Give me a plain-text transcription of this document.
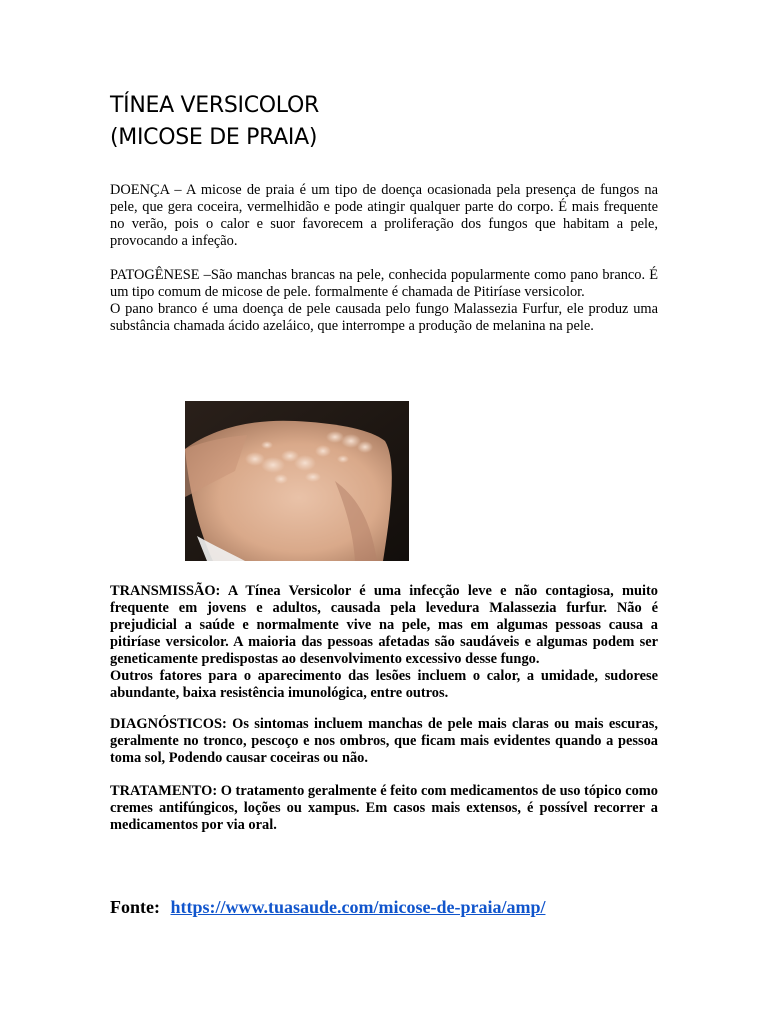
TÍNEA VERSICOLOR
(MICOSE DE PRAIA)

DOENÇA – A micose de praia é um tipo de doença ocasionada pela presença de fungos na pele, que gera coceira, vermelhidão e pode atingir qualquer parte do corpo. É mais frequente no verão, pois o calor e suor favorecem a proliferação dos fungos que habitam a pele, provocando a infeção.

PATOGÊNESE –São manchas brancas na pele, conhecida popularmente como pano branco. É um tipo comum de micose de pele. formalmente é chamada de Pitiríase versicolor.

O pano branco é uma doença de pele causada pelo fungo Malassezia Furfur, ele produz uma substância chamada ácido azeláico, que interrompe a produção de melanina na pele.

TRANSMISSÃO: A Tínea Versicolor é uma infecção leve e não contagiosa, muito frequente em jovens e adultos, causada pela levedura Malassezia furfur. Não é prejudicial a saúde e normalmente vive na pele, mas em algumas pessoas causa a pitiríase versicolor. A maioria das pessoas afetadas são saudáveis e algumas podem ser geneticamente predispostas ao desenvolvimento excessivo desse fungo.

Outros fatores para o aparecimento das lesões incluem o calor, a umidade, sudorese abundante, baixa resistência imunológica, entre outros.

DIAGNÓSTICOS: Os sintomas incluem manchas de pele mais claras ou mais escuras, geralmente no tronco, pescoço e nos ombros, que ficam mais evidentes quando a pessoa toma sol, Podendo causar coceiras ou não.

TRATAMENTO: O tratamento geralmente é feito com medicamentos de uso tópico como cremes antifúngicos, loções ou xampus. Em casos mais extensos, é possível recorrer a medicamentos por via oral.

Fonte: https://www.tuasaude.com/micose-de-praia/amp/
